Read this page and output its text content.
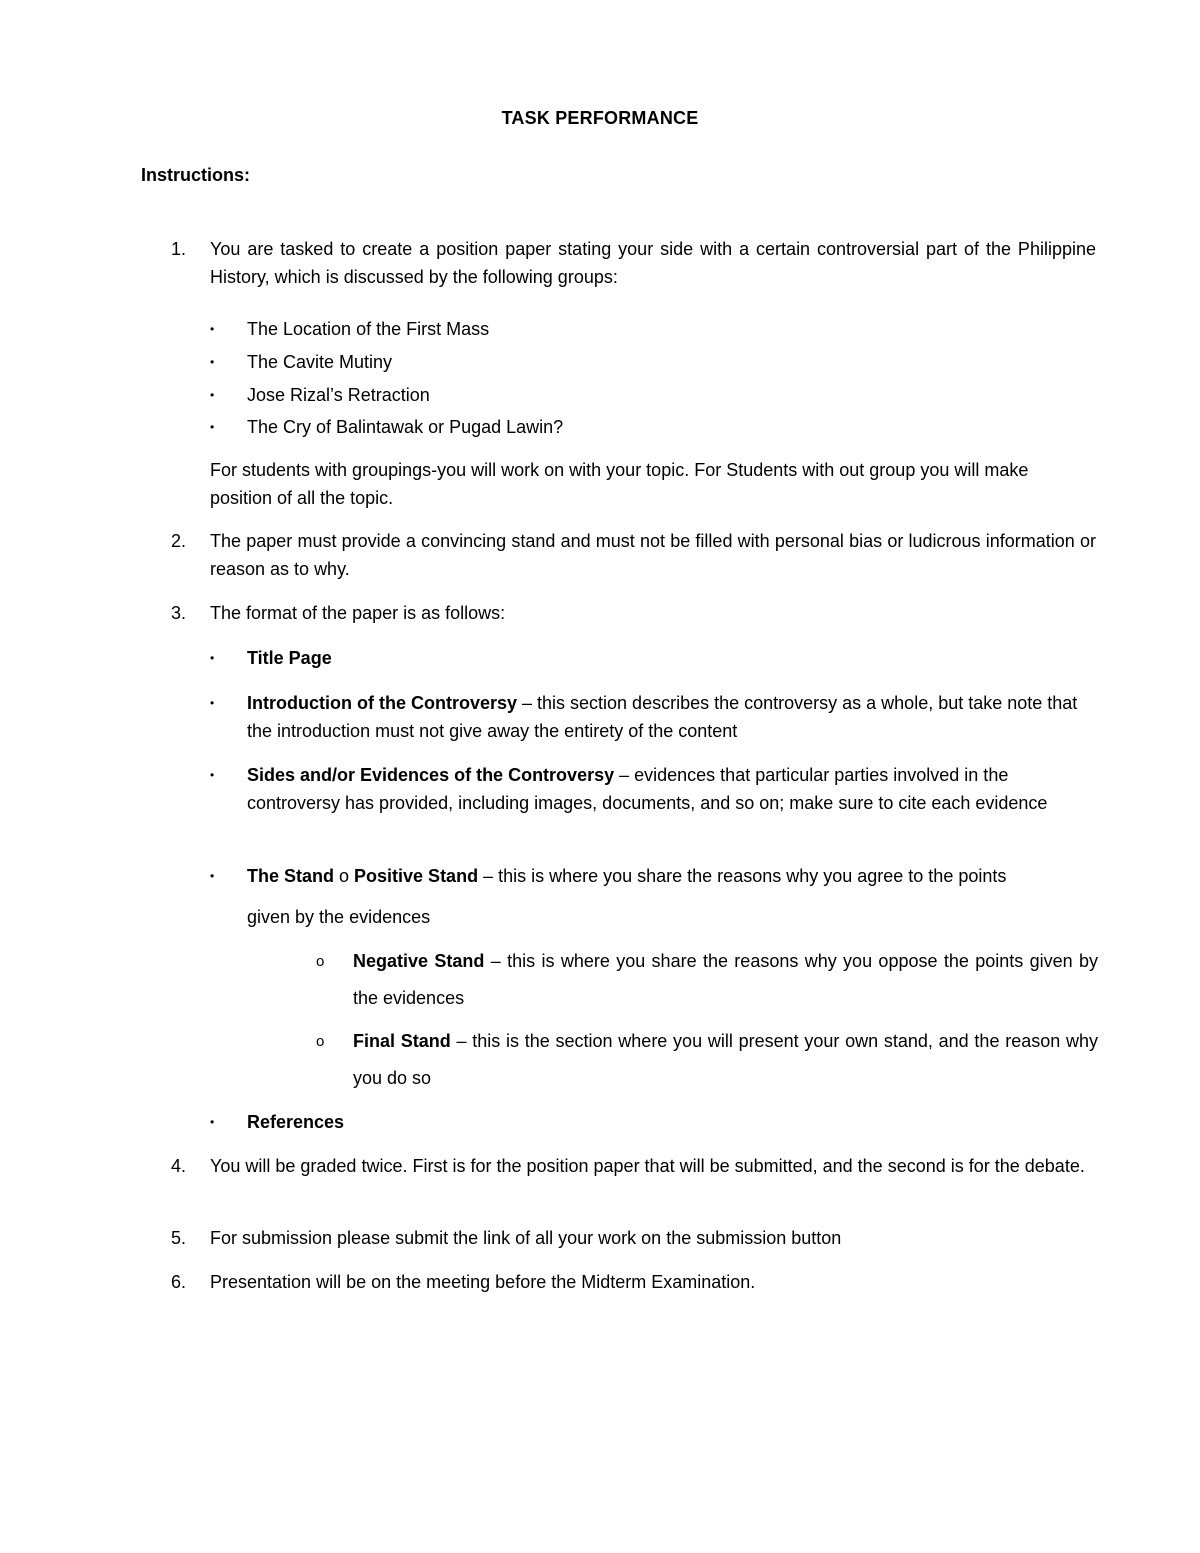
TASK PERFORMANCE
Instructions:
1. You are tasked to create a position paper stating your side with a certain controversial part of the Philippine History, which is discussed by the following groups:
• The Location of the First Mass
• The Cavite Mutiny
• Jose Rizal’s Retraction
• The Cry of Balintawak or Pugad Lawin?
For students with groupings-you will work on with your topic. For Students with out group you will make position of all the topic.
2. The paper must provide a convincing stand and must not be filled with personal bias or ludicrous information or reason as to why.
3. The format of the paper is as follows:
• Title Page
• Introduction of the Controversy – this section describes the controversy as a whole, but take note that the introduction must not give away the entirety of the content
• Sides and/or Evidences of the Controversy – evidences that particular parties involved in the controversy has provided, including images, documents, and so on; make sure to cite each evidence
• The Stand o Positive Stand – this is where you share the reasons why you agree to the points
given by the evidences
o Negative Stand – this is where you share the reasons why you oppose the points given by the evidences
o Final Stand – this is the section where you will present your own stand, and the reason why you do so
• References
4. You will be graded twice. First is for the position paper that will be submitted, and the second is for the debate.
5. For submission please submit the link of all your work on the submission button
6. Presentation will be on the meeting before the Midterm Examination.
